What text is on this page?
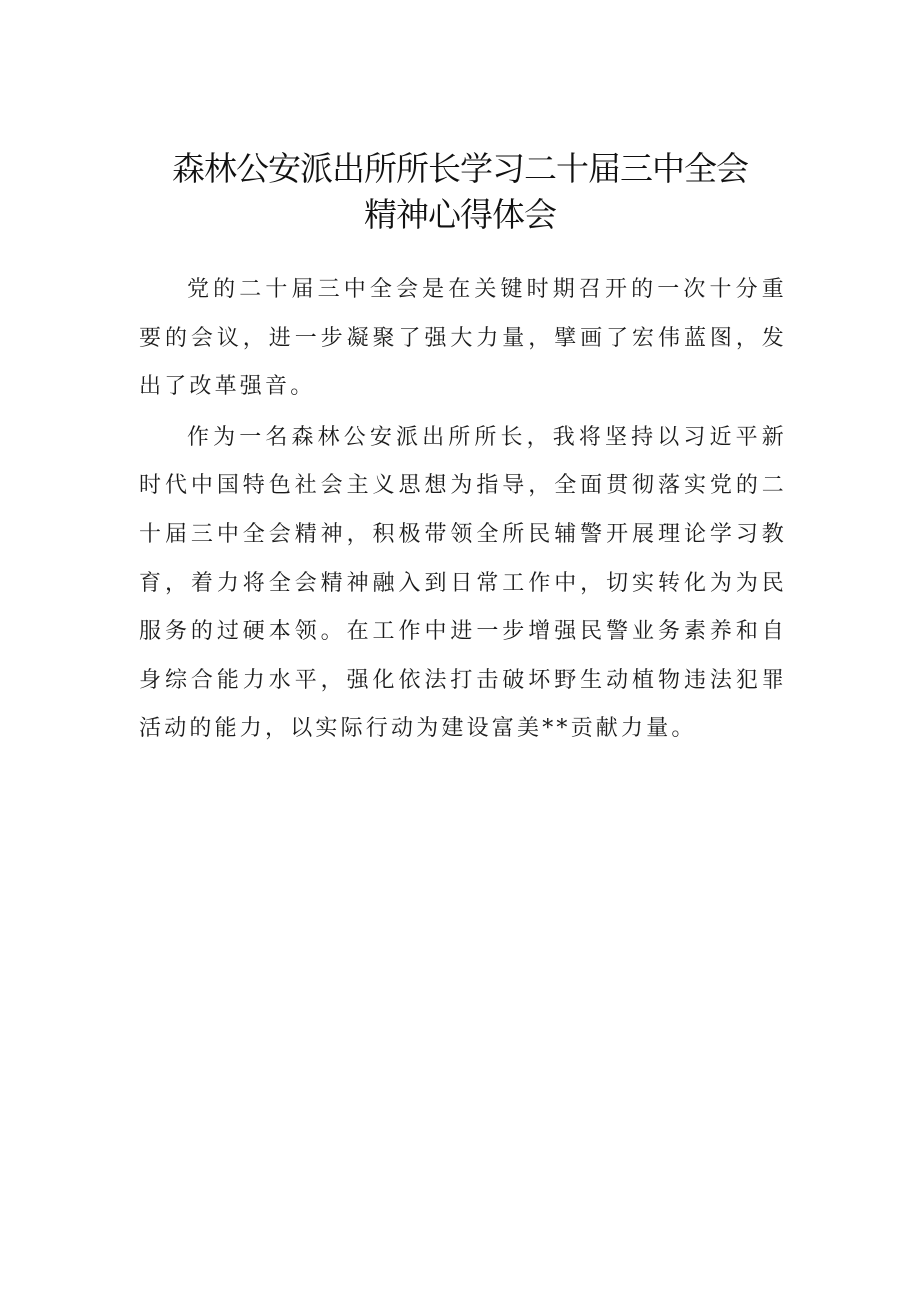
森林公安派出所所长学习二十届三中全会
精神心得体会

党的二十届三中全会是在关键时期召开的一次十分重要的会议，进一步凝聚了强大力量，擘画了宏伟蓝图，发出了改革强音。

作为一名森林公安派出所所长，我将坚持以习近平新时代中国特色社会主义思想为指导，全面贯彻落实党的二十届三中全会精神，积极带领全所民辅警开展理论学习教育，着力将全会精神融入到日常工作中，切实转化为为民服务的过硬本领。在工作中进一步增强民警业务素养和自身综合能力水平，强化依法打击破坏野生动植物违法犯罪活动的能力，以实际行动为建设富美**贡献力量。
